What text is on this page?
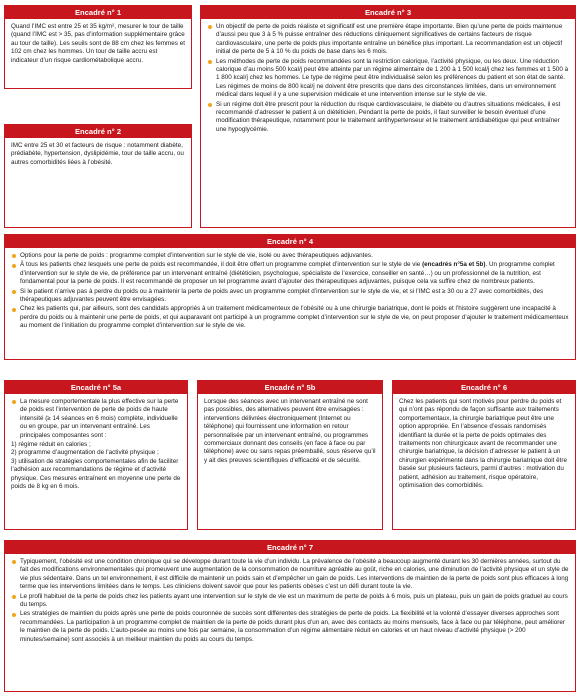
Encadré n° 1

Quand l’IMC est entre 25 et 35 kg/m², mesurer le tour de taille (quand l’IMC est > 35, pas d’information supplémentaire grâce au tour de taille). Les seuils sont de 88 cm chez les femmes et 102 cm chez les hommes. Un tour de taille accru est indicateur d’un risque cardiométabolique accru.

Encadré n° 2

IMC entre 25 et 30 et facteurs de risque : notamment diabète, prédiabète, hypertension, dyslipidémie, tour de taille accru, ou autres comorbidités liées à l’obésité.

Encadré n° 3
Un objectif de perte de poids réaliste et significatif est une première étape importante. Bien qu’une perte de poids maintenue d’aussi peu que 3 à 5 % puisse entraîner des réductions cliniquement significatives de certains facteurs de risque cardiovasculaire, une perte de poids plus importante entraîne un bénéfice plus important. La recommandation est un objectif initial de perte de 5 à 10 % du poids de base dans les 6 mois.
Les méthodes de perte de poids recommandées sont la restriction calorique, l’activité physique, ou les deux. Une réduction calorique d’au moins 500 kcal/j peut être atteinte par un régime alimentaire de 1 200 à 1 500 kcal/j chez les femmes et 1 500 à 1 800 kcal/j chez les hommes. Le type de régime peut être individualisé selon les préférences du patient et son état de santé. Les régimes de moins de 800 kcal/j ne doivent être prescrits que dans des circonstances limitées, dans un environnement médical dans lequel il y a une supervision médicale et une intervention intense sur le style de vie.
Si un régime doit être prescrit pour la réduction du risque cardiovasculaire, le diabète ou d’autres situations médicales, il est recommandé d’adresser le patient à un diététicien. Pendant la perte de poids, il faut surveiller le besoin éventuel d’une modification thérapeutique, notamment pour le traitement antihypertenseur et le traitement antidiabétique qui peut entraîner une hypoglycémie.
Encadré n° 4
Options pour la perte de poids : programme complet d’intervention sur le style de vie, isolé ou avec thérapeutiques adjuvantes.
À tous les patients chez lesquels une perte de poids est recommandée, il doit être offert un programme complet d’intervention sur le style de vie (encadrés n°5a et 5b). Un programme complet d’intervention sur le style de vie, de préférence par un intervenant entraîné (diététicien, psychologue, spécialiste de l’exercice, conseiller en santé…) ou un professionnel de la nutrition, est fondamental pour la perte de poids. Il est recommandé de proposer un tel programme avant d’ajouter des thérapeutiques adjuvantes, puisque cela va suffire chez de nombreux patients.
Si le patient n’arrive pas à perdre du poids ou à maintenir la perte de poids avec un programme complet d’intervention sur le style de vie, et si l’IMC est ≥ 30 ou ≥ 27 avec comorbidités, des thérapeutiques adjuvantes peuvent être envisagées.
Chez les patients qui, par ailleurs, sont des candidats appropriés à un traitement médicamenteux de l’obésité ou à une chirurgie bariatrique, dont le poids et l’histoire suggèrent une incapacité à perdre du poids ou à maintenir une perte de poids, et qui auparavant ont participé à un programme complet d’intervention sur le style de vie, on peut proposer d’ajouter le traitement médicamenteux au moment de l’initiation du programme complet d’intervention sur le style de vie.
Encadré n° 5a
La mesure comportementale la plus effective sur la perte de poids est l’intervention de perte de poids de haute intensité (≥ 14 séances en 6 mois) complète, individuelle ou en groupe, par un intervenant entraîné. Les principales composantes sont :
1) régime réduit en calories ;
2) programme d’augmentation de l’activité physique ;
3) utilisation de stratégies comportementales afin de faciliter l’adhésion aux recommandations de régime et d’activité physique. Ces mesures entraînent en moyenne une perte de poids de 8 kg en 6 mois.
Encadré n° 5b

Lorsque des séances avec un intervenant entraîné ne sont pas possibles, des alternatives peuvent être envisagées : interventions délivrées électroniquement (Internet ou téléphone) qui fournissent une information en retour personnalisée par un intervenant entraîné, ou programmes commerciaux donnant des conseils (en face à face ou par téléphone) avec ou sans repas préemballé, sous réserve qu’il y ait des preuves scientifiques d’efficacité et de sécurité.

Encadré n° 6

Chez les patients qui sont motivés pour perdre du poids et qui n’ont pas répondu de façon suffisante aux traitements comportementaux, la chirurgie bariatrique peut être une option appropriée. En l’absence d’essais randomisés identifiant la durée et la perte de poids optimales des traitements non chirurgicaux avant de recommander une chirurgie bariatrique, la décision d’adresser le patient à un chirurgien expérimenté dans la chirurgie bariatrique doit être basée sur plusieurs facteurs, parmi d’autres : motivation du patient, adhésion au traitement, risque opératoire, optimisation des comorbidités.

Encadré n° 7
Typiquement, l’obésité est une condition chronique qui se développe durant toute la vie d’un individu. La prévalence de l’obésité a beaucoup augmenté durant les 30 dernières années, surtout du fait des modifications environnementales qui promeuvent une augmentation de la consommation de nourriture agréable au goût, riche en calories, une diminution de l’activité physique et un style de vie plus sédentaire. Dans un tel environnement, il est difficile de maintenir un poids sain et d’empêcher un gain de poids. Les interventions de maintien de la perte de poids sont plus efficaces à long terme que les interventions limitées dans le temps. Les cliniciens doivent savoir que pour les patients obèses c’est un défi durant toute la vie.
Le profil habituel de la perte de poids chez les patients ayant une intervention sur le style de vie est un maximum de perte de poids à 6 mois, puis un plateau, puis un gain de poids graduel au cours du temps.
Les stratégies de maintien du poids après une perte de poids couronnée de succès sont différentes des stratégies de perte de poids. La flexibilité et la volonté d’essayer diverses approches sont recommandées. La participation à un programme complet de maintien de la perte de poids durant plus d’un an, avec des contacts au moins mensuels, face à face ou par téléphone, peut améliorer le maintien de la perte de poids. L’auto-pesée au moins une fois par semaine, la consommation d’un régime alimentaire réduit en calories et un haut niveau d’activité physique (> 200 minutes/semaine) sont associés à un meilleur maintien du poids au cours du temps.
